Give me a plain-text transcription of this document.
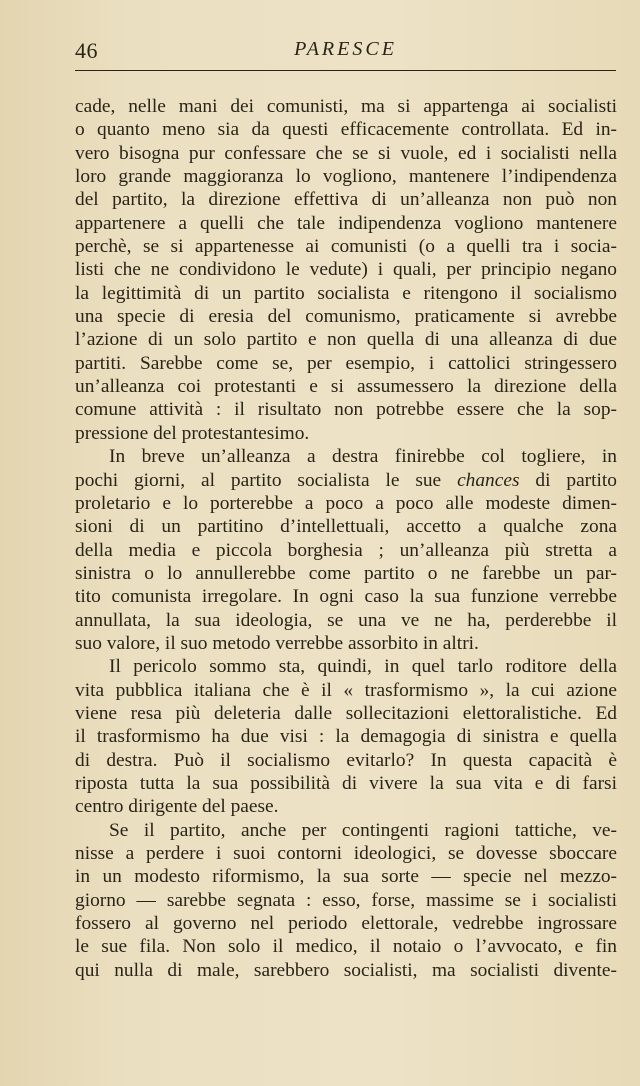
46	PARESCE
cade, nelle mani dei comunisti, ma si appartenga ai socialisti
o quanto meno sia da questi efficacemente controllata. Ed in-
vero bisogna pur confessare che se si vuole, ed i socialisti nella
loro grande maggioranza lo vogliono, mantenere l’indipendenza
del partito, la direzione effettiva di un’alleanza non può non
appartenere a quelli che tale indipendenza vogliono mantenere
perchè, se si appartenesse ai comunisti (o a quelli tra i socia-
listi che ne condividono le vedute) i quali, per principio negano
la legittimità di un partito socialista e ritengono il socialismo
una specie di eresia del comunismo, praticamente si avrebbe
l’azione di un solo partito e non quella di una alleanza di due
partiti. Sarebbe come se, per esempio, i cattolici stringessero
un’alleanza coi protestanti e si assumessero la direzione della
comune attività : il risultato non potrebbe essere che la sop-
pressione del protestantesimo.
In breve un’alleanza a destra finirebbe col togliere, in
pochi giorni, al partito socialista le sue chances di partito
proletario e lo porterebbe a poco a poco alle modeste dimen-
sioni di un partitino d’intellettuali, accetto a qualche zona
della media e piccola borghesia ; un’alleanza più stretta a
sinistra o lo annullerebbe come partito o ne farebbe un par-
tito comunista irregolare. In ogni caso la sua funzione verrebbe
annullata, la sua ideologia, se una ve ne ha, perderebbe il
suo valore, il suo metodo verrebbe assorbito in altri.
Il pericolo sommo sta, quindi, in quel tarlo roditore della
vita pubblica italiana che è il « trasformismo », la cui azione
viene resa più deleteria dalle sollecitazioni elettoralistiche. Ed
il trasformismo ha due visi : la demagogia di sinistra e quella
di destra. Può il socialismo evitarlo? In questa capacità è
riposta tutta la sua possibilità di vivere la sua vita e di farsi
centro dirigente del paese.
Se il partito, anche per contingenti ragioni tattiche, ve-
nisse a perdere i suoi contorni ideologici, se dovesse sboccare
in un modesto riformismo, la sua sorte — specie nel mezzo-
giorno — sarebbe segnata : esso, forse, massime se i socialisti
fossero al governo nel periodo elettorale, vedrebbe ingrossare
le sue fila. Non solo il medico, il notaio o l’avvocato, e fin
qui nulla di male, sarebbero socialisti, ma socialisti divente-
